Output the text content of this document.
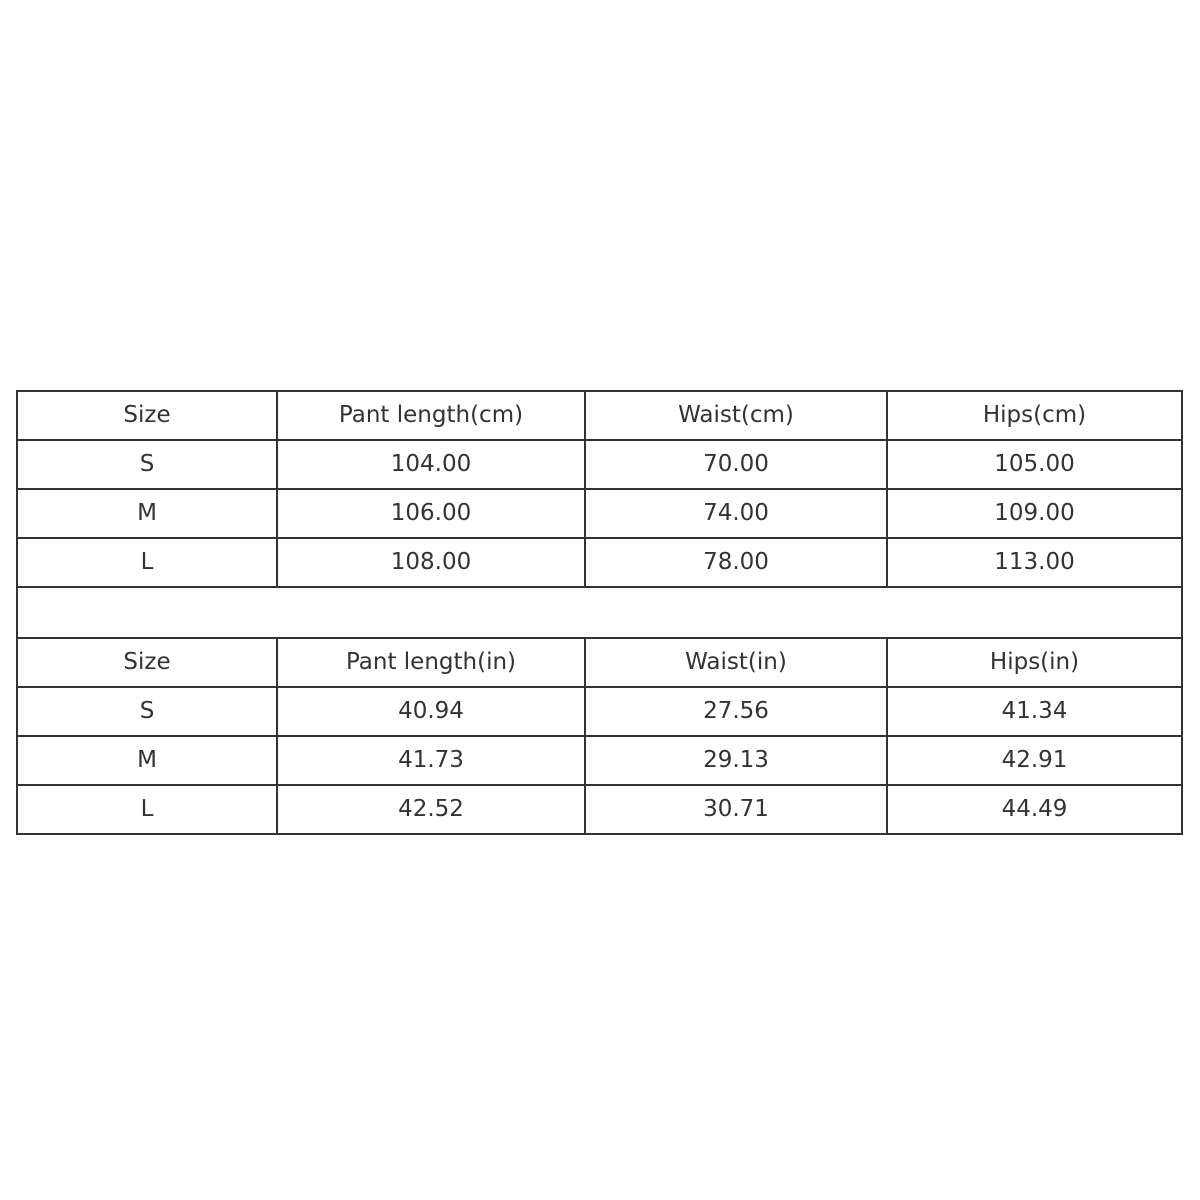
Size	Pant length(cm)	Waist(cm)	Hips(cm)
S	104.00	70.00	105.00
M	106.00	74.00	109.00
L	108.00	78.00	113.00

Size	Pant length(in)	Waist(in)	Hips(in)
S	40.94	27.56	41.34
M	41.73	29.13	42.91
L	42.52	30.71	44.49
